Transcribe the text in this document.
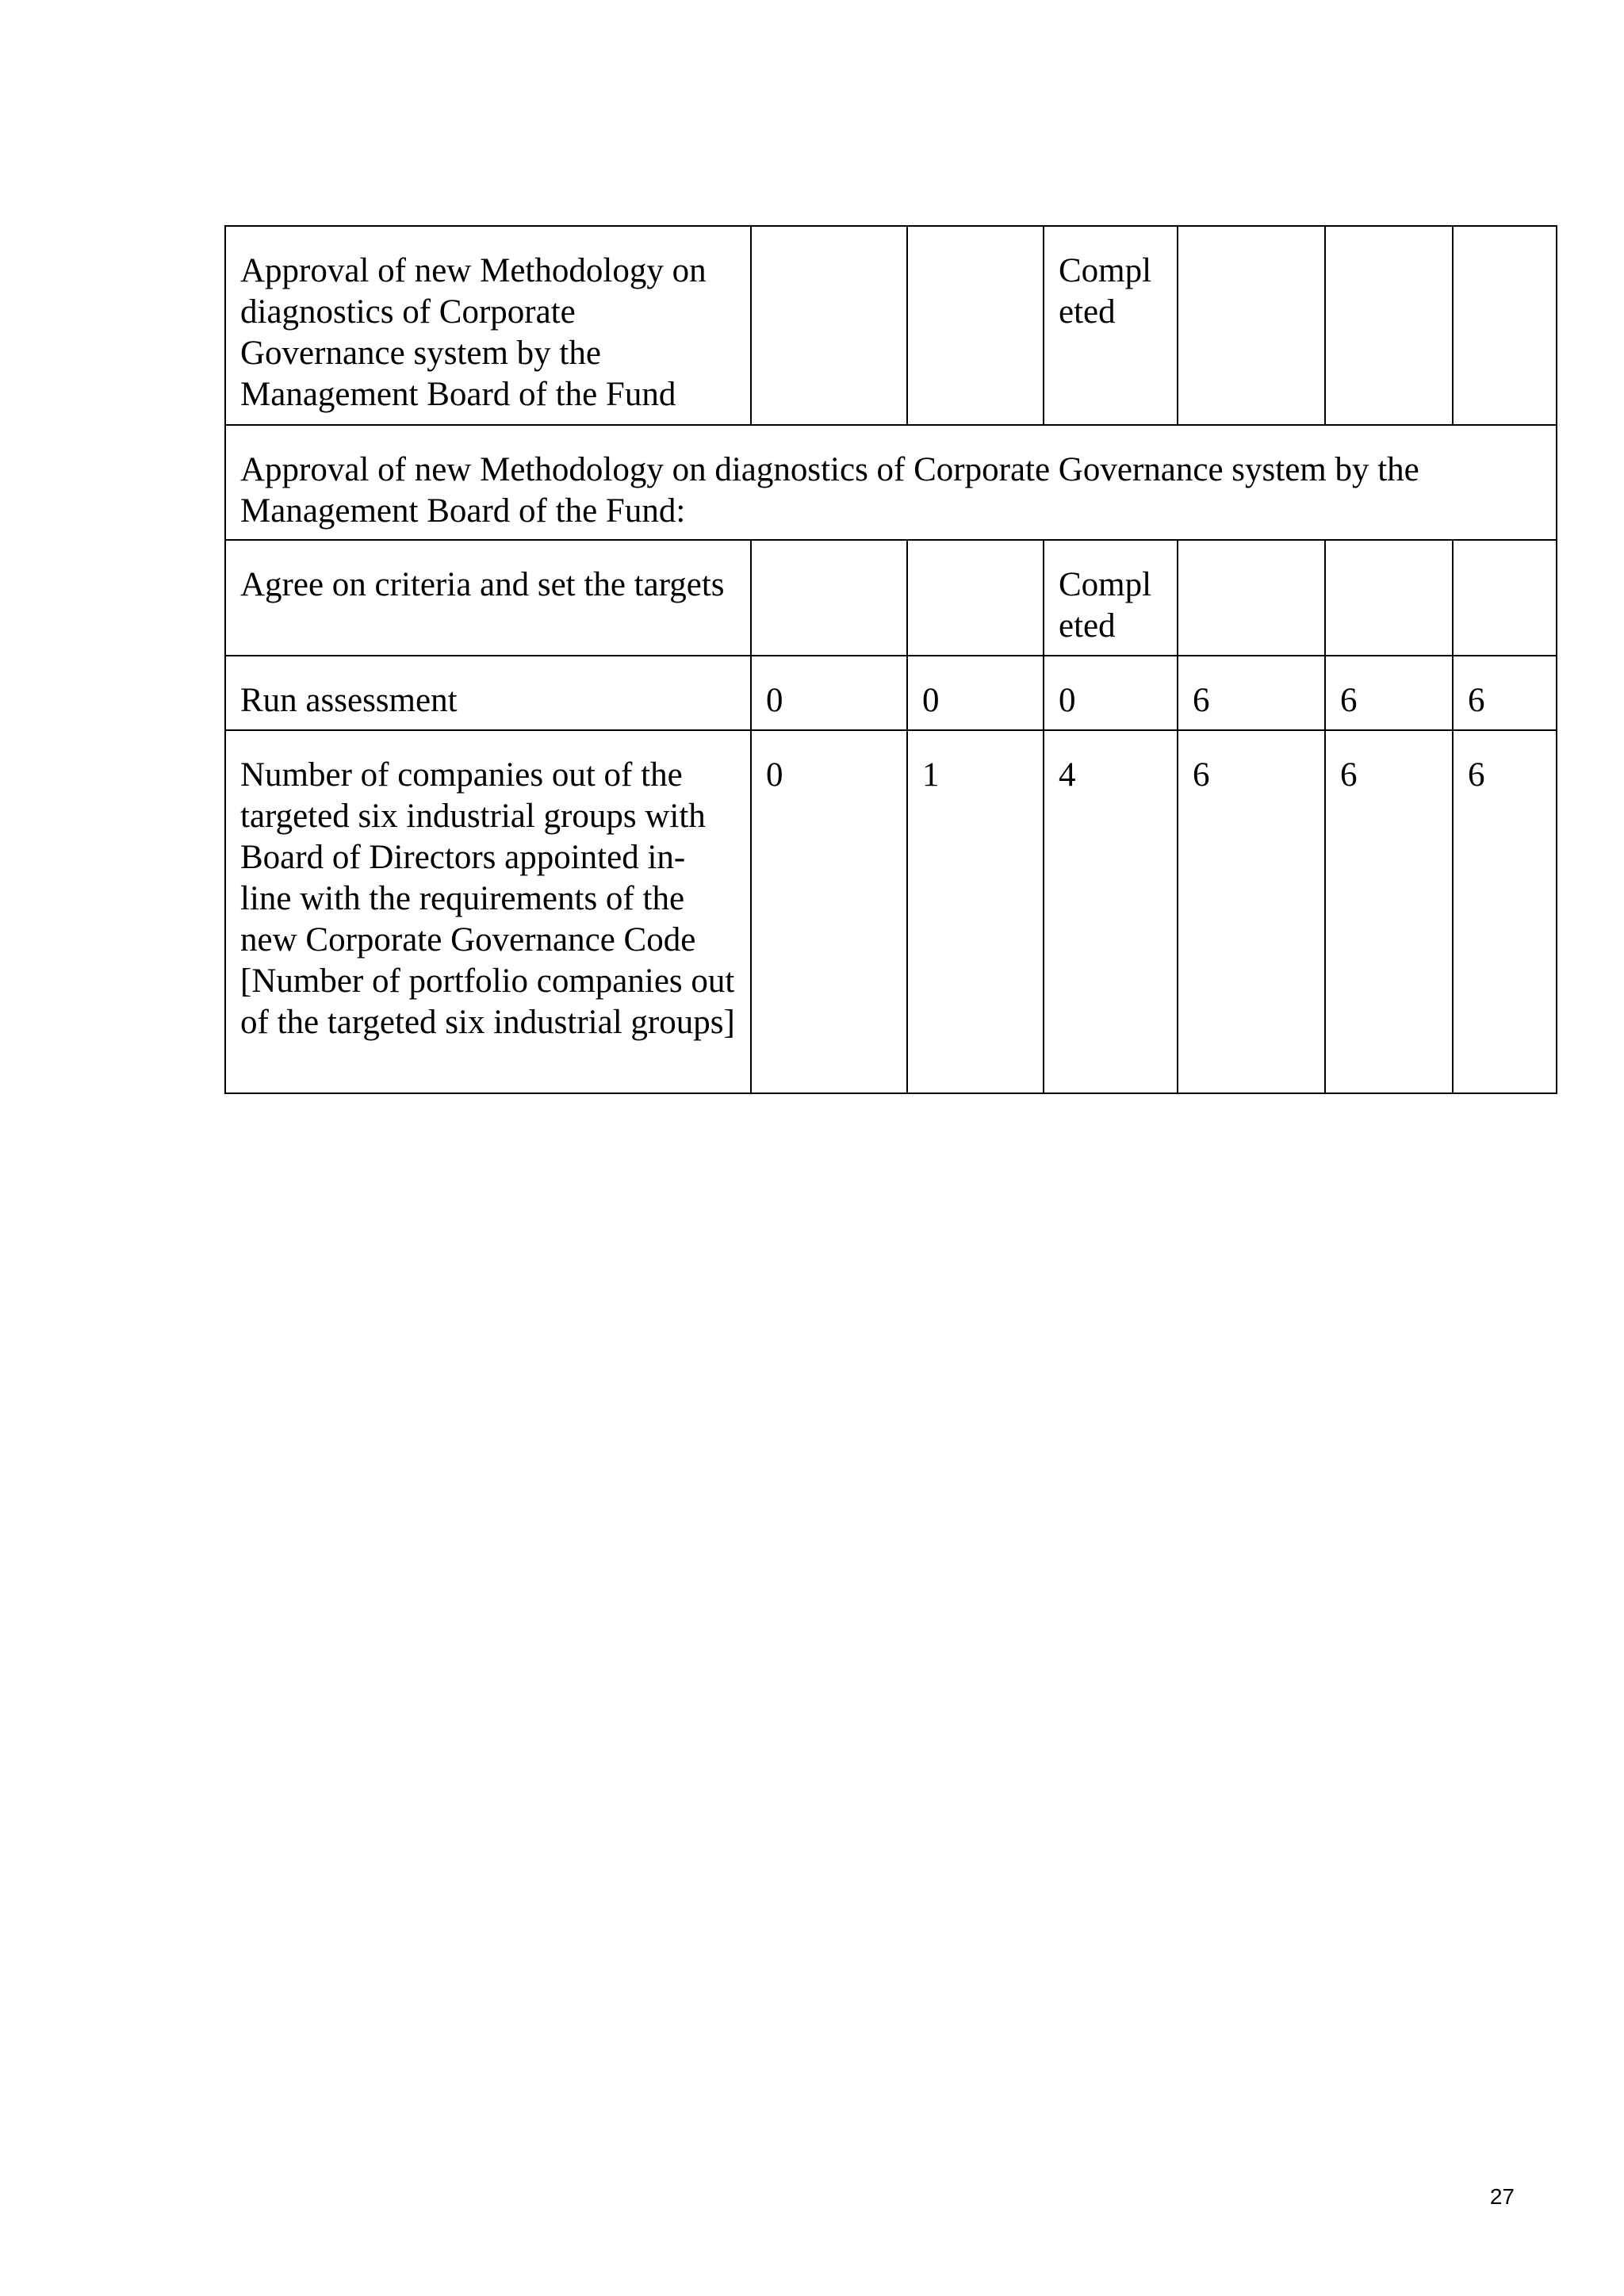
Approval of new Methodology on diagnostics of Corporate Governance system by the Management Board of the Fund			Compl eted			
Approval of new Methodology on diagnostics of Corporate Governance system by the Management Board of the Fund:						
Agree on criteria and set the targets			Compl eted			
Run assessment	0	0	0	6	6	6
Number of companies out of the targeted six industrial groups with Board of Directors appointed in-line with the requirements of the new Corporate Governance Code [Number of portfolio companies out of the targeted six industrial groups]	0	1	4	6	6	6
27
